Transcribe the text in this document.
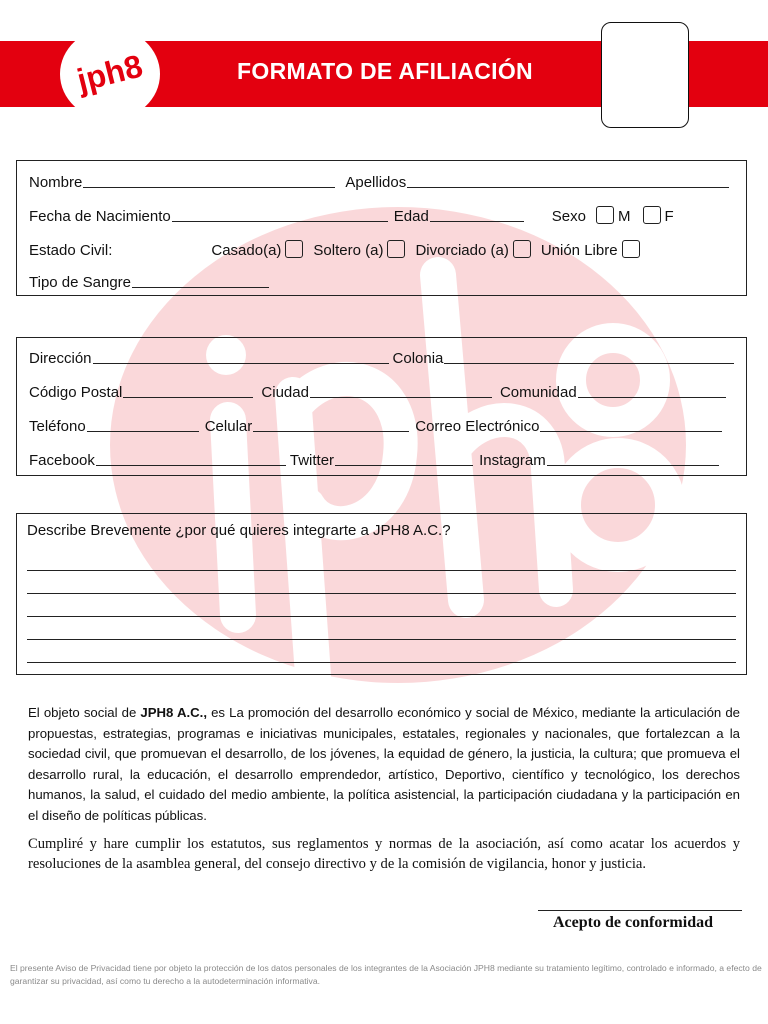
jph8	FORMATO DE AFILIACIÓN
Nombre	Apellidos
Fecha de Nacimiento	Edad	Sexo M F
Estado Civil:	Casado(a) Soltero (a) Divorciado (a) Unión Libre
Tipo de Sangre
Dirección	Colonia
Código Postal	Ciudad	Comunidad
Teléfono	Celular	Correo Electrónico
Facebook	Twitter	Instagram
Describe Brevemente ¿por qué quieres integrarte a JPH8 A.C.?

El objeto social de JPH8 A.C., es La promoción del desarrollo económico y social de México, mediante la articulación de propuestas, estrategias, programas e iniciativas municipales, estatales, regionales y nacionales, que fortalezcan a la sociedad civil, que promuevan el desarrollo, de los jóvenes, la equidad de género, la justicia, la cultura; que promueva el desarrollo rural, la educación, el desarrollo emprendedor, artístico, Deportivo, científico y tecnológico, los derechos humanos, la salud, el cuidado del medio ambiente, la política asistencial, la participación ciudadana y la participación en el diseño de políticas públicas.

Cumpliré y hare cumplir los estatutos, sus reglamentos y normas de la asociación, así como acatar los acuerdos y resoluciones de la asamblea general, del consejo directivo y de la comisión de vigilancia, honor y justicia.

Acepto de conformidad

El presente Aviso de Privacidad tiene por objeto la protección de los datos personales de los integrantes de la Asociación JPH8 mediante su tratamiento legítimo, controlado e informado, a efecto de garantizar su privacidad, así como tu derecho a la autodeterminación informativa.
